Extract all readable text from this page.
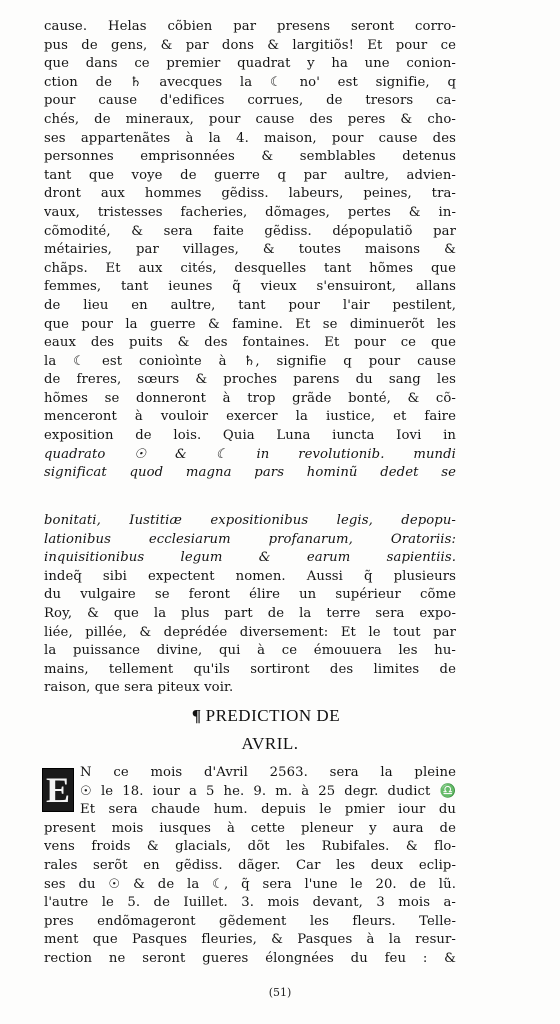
cause. Helas cõbien par presens seront corro-
pus de gens, & par dons & largitiõs! Et pour ce
que dans ce premier quadrat y ha une conion-
ction de ♄ avecques la ☾ no' est signifie, q
pour cause d'edifices corrues, de tresors ca-
chés, de mineraux, pour cause des peres & cho-
ses appartenãtes à la 4. maison, pour cause des
personnes emprisonnées & semblables detenus
tant que voye de guerre q par aultre, advien-
dront aux hommes gẽdiss. labeurs, peines, tra-
vaux, tristesses facheries, dõmages, pertes & in-
cõmodité, & sera faite gẽdiss. dépopulatiõ par
métairies, par villages, & toutes maisons &
chãps. Et aux cités, desquelles tant hõmes que
femmes, tant ieunes q̃ vieux s'ensuiront, allans
de lieu en aultre, tant pour l'air pestilent,
que pour la guerre & famine. Et se diminuerõt les
eaux des puits & des fontaines. Et pour ce que
la ☾ est conioìnte à ♄, signifie q pour cause
de freres, sœurs & proches parens du sang les
hõmes se donneront à trop grãde bonté, & cõ-
menceront à vouloir exercer la iustice, et faire
exposition de lois. Quia Luna iuncta Iovi in
quadrato ☉ & ☾ in revolutionib. mundi
significat quod magna pars hominũ dedet se
bonitati, Iustitiæ expositionibus legis, depopu-
lationibus ecclesiarum profanarum, Oratoriis:
inquisitionibus legum & earum sapientiis.
indeq̃ sibi expectent nomen. Aussi q̃ plusieurs
du vulgaire se feront élire un supérieur cõme
Roy, & que la plus part de la terre sera expo-
liée, pillée, & deprédée diversement: Et le tout par
la puissance divine, qui à ce émouuera les hu-
mains, tellement qu'ils sortiront des limites de
raison, que sera piteux voir.
¶ PREDICTION DE
AVRIL.
E N ce mois d'Avril 2563. sera la pleine
☉ le 18. iour a 5 he. 9. m. à 25 degr. dudict ♎
Et sera chaude hum. depuis le pmier iour du
present mois iusques à cette pleneur y aura de
vens froids & glacials, dõt les Rubifales. & flo-
rales serõt en gẽdiss. dãger. Car les deux eclip-
ses du ☉ & de la ☾, q̃ sera l'une le 20. de lũ.
l'autre le 5. de Iuillet. 3. mois devant, 3 mois a-
pres endõmageront gẽdement les fleurs. Telle-
ment que Pasques fleuries, & Pasques à la resur-
rection ne seront gueres élongnées du feu : &
(51)
